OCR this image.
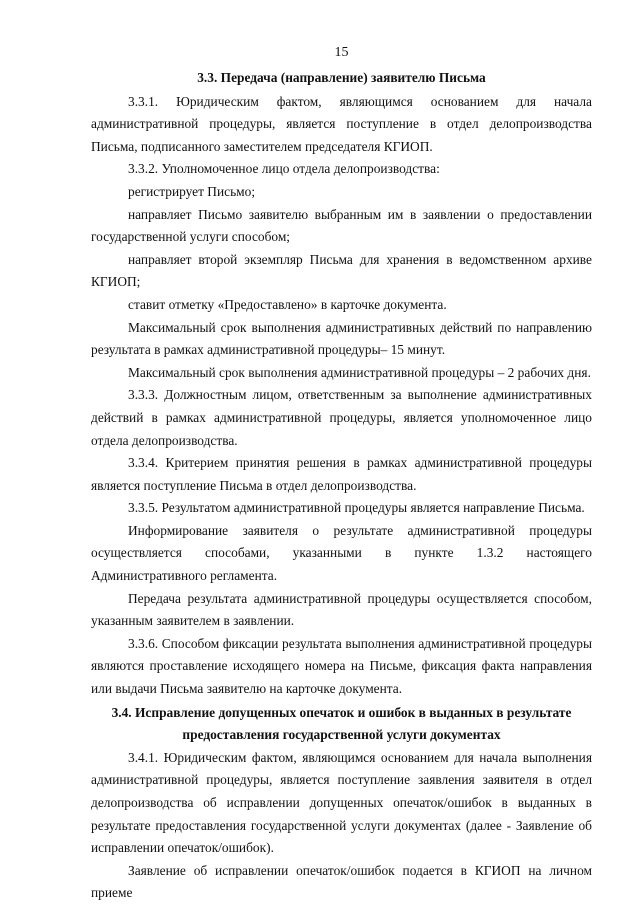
15
3.3. Передача (направление) заявителю Письма

3.3.1. Юридическим фактом, являющимся основанием для начала административной процедуры, является поступление в отдел делопроизводства Письма, подписанного заместителем председателя КГИОП.

3.3.2. Уполномоченное лицо отдела делопроизводства:

регистрирует Письмо;

направляет Письмо заявителю выбранным им в заявлении о предоставлении государственной услуги способом;

направляет второй экземпляр Письма для хранения в ведомственном архиве КГИОП;

ставит отметку «Предоставлено» в карточке документа.

Максимальный срок выполнения административных действий по направлению результата в рамках административной процедуры– 15 минут.

Максимальный срок выполнения административной процедуры – 2 рабочих дня.

3.3.3. Должностным лицом, ответственным за выполнение административных действий в рамках административной процедуры, является уполномоченное лицо отдела делопроизводства.

3.3.4. Критерием принятия решения в рамках административной процедуры является поступление Письма в отдел делопроизводства.

3.3.5. Результатом административной процедуры является направление Письма.

Информирование заявителя о результате административной процедуры осуществляется способами, указанными в пункте 1.3.2 настоящего Административного регламента.

Передача результата административной процедуры осуществляется способом, указанным заявителем в заявлении.

3.3.6. Способом фиксации результата выполнения административной процедуры являются проставление исходящего номера на Письме, фиксация факта направления или выдачи Письма заявителю на карточке документа.

3.4. Исправление допущенных опечаток и ошибок в выданных в результате предоставления государственной услуги документах

3.4.1. Юридическим фактом, являющимся основанием для начала выполнения административной процедуры, является поступление заявления заявителя в отдел делопроизводства об исправлении допущенных опечаток/ошибок в выданных в результате предоставления государственной услуги документах (далее - Заявление об исправлении опечаток/ошибок).

Заявление об исправлении опечаток/ошибок подается в КГИОП на личном приеме
